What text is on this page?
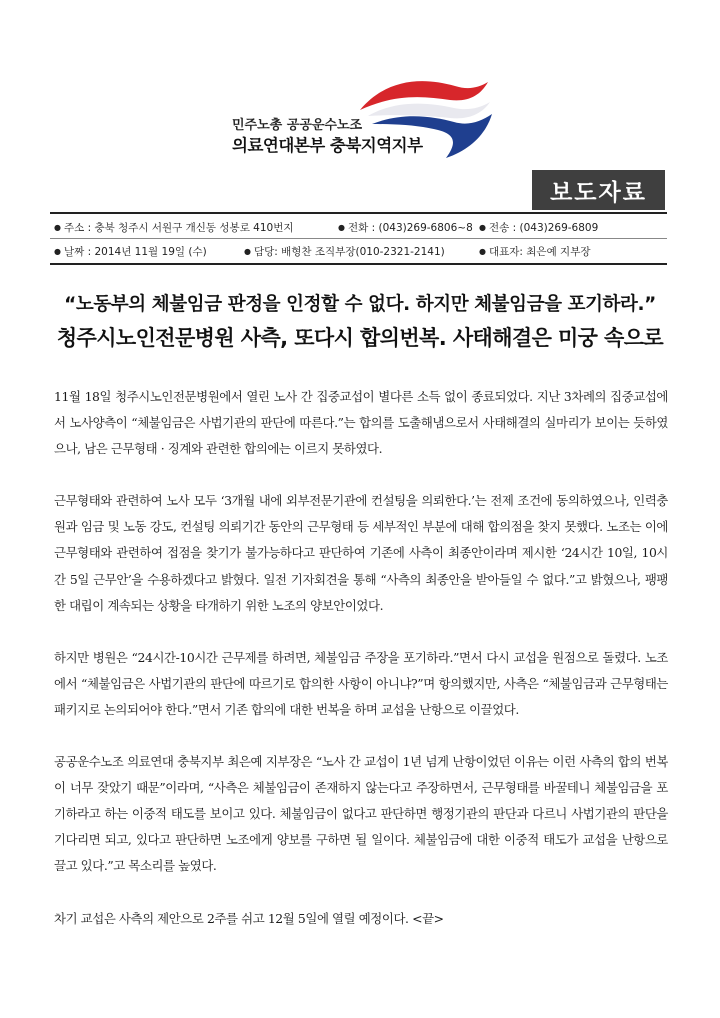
민주노총 공공운수노조
의료연대본부 충북지역지부
보도자료
● 주소 : 충북 청주시 서원구 개신동 성봉로 410번지	● 전화 : (043)269-6806~8 ● 전송 : (043)269-6809
● 날짜 : 2014년 11월 19일 (수)	● 담당: 배형찬 조직부장(010-2321-2141)	● 대표자: 최은예 지부장
“노동부의 체불임금 판정을 인정할 수 없다. 하지만 체불임금을 포기하라.”
청주시노인전문병원 사측, 또다시 합의번복. 사태해결은 미궁 속으로

11월 18일 청주시노인전문병원에서 열린 노사 간 집중교섭이 별다른 소득 없이 종료되었다. 지난 3차례의 집중교섭에서 노사양측이 “체불임금은 사법기관의 판단에 따른다.”는 합의를 도출해냄으로서 사태해결의 실마리가 보이는 듯하였으나, 남은 근무형태 · 징계와 관련한 합의에는 이르지 못하였다.

근무형태와 관련하여 노사 모두 ‘3개월 내에 외부전문기관에 컨설팅을 의뢰한다.’는 전제 조건에 동의하였으나, 인력충원과 임금 및 노동 강도, 컨설팅 의뢰기간 동안의 근무형태 등 세부적인 부분에 대해 합의점을 찾지 못했다. 노조는 이에 근무형태와 관련하여 접점을 찾기가 불가능하다고 판단하여 기존에 사측이 최종안이라며 제시한 ‘24시간 10일, 10시간 5일 근무안’을 수용하겠다고 밝혔다. 일전 기자회견을 통해 “사측의 최종안을 받아들일 수 없다.”고 밝혔으나, 팽팽한 대립이 계속되는 상황을 타개하기 위한 노조의 양보안이었다.

하지만 병원은 “24시간-10시간 근무제를 하려면, 체불임금 주장을 포기하라.”면서 다시 교섭을 원점으로 돌렸다. 노조에서 “체불임금은 사법기관의 판단에 따르기로 합의한 사항이 아니냐?”며 항의했지만, 사측은 “체불임금과 근무형태는 패키지로 논의되어야 한다.”면서 기존 합의에 대한 번복을 하며 교섭을 난항으로 이끌었다.

공공운수노조 의료연대 충북지부 최은예 지부장은 “노사 간 교섭이 1년 넘게 난항이었던 이유는 이런 사측의 합의 번복이 너무 잦았기 때문”이라며, “사측은 체불임금이 존재하지 않는다고 주장하면서, 근무형태를 바꿀테니 체불임금을 포기하라고 하는 이중적 태도를 보이고 있다. 체불임금이 없다고 판단하면 행정기관의 판단과 다르니 사법기관의 판단을 기다리면 되고, 있다고 판단하면 노조에게 양보를 구하면 될 일이다. 체불임금에 대한 이중적 태도가 교섭을 난항으로 끌고 있다.”고 목소리를 높였다.

차기 교섭은 사측의 제안으로 2주를 쉬고 12월 5일에 열릴 예정이다. <끝>
